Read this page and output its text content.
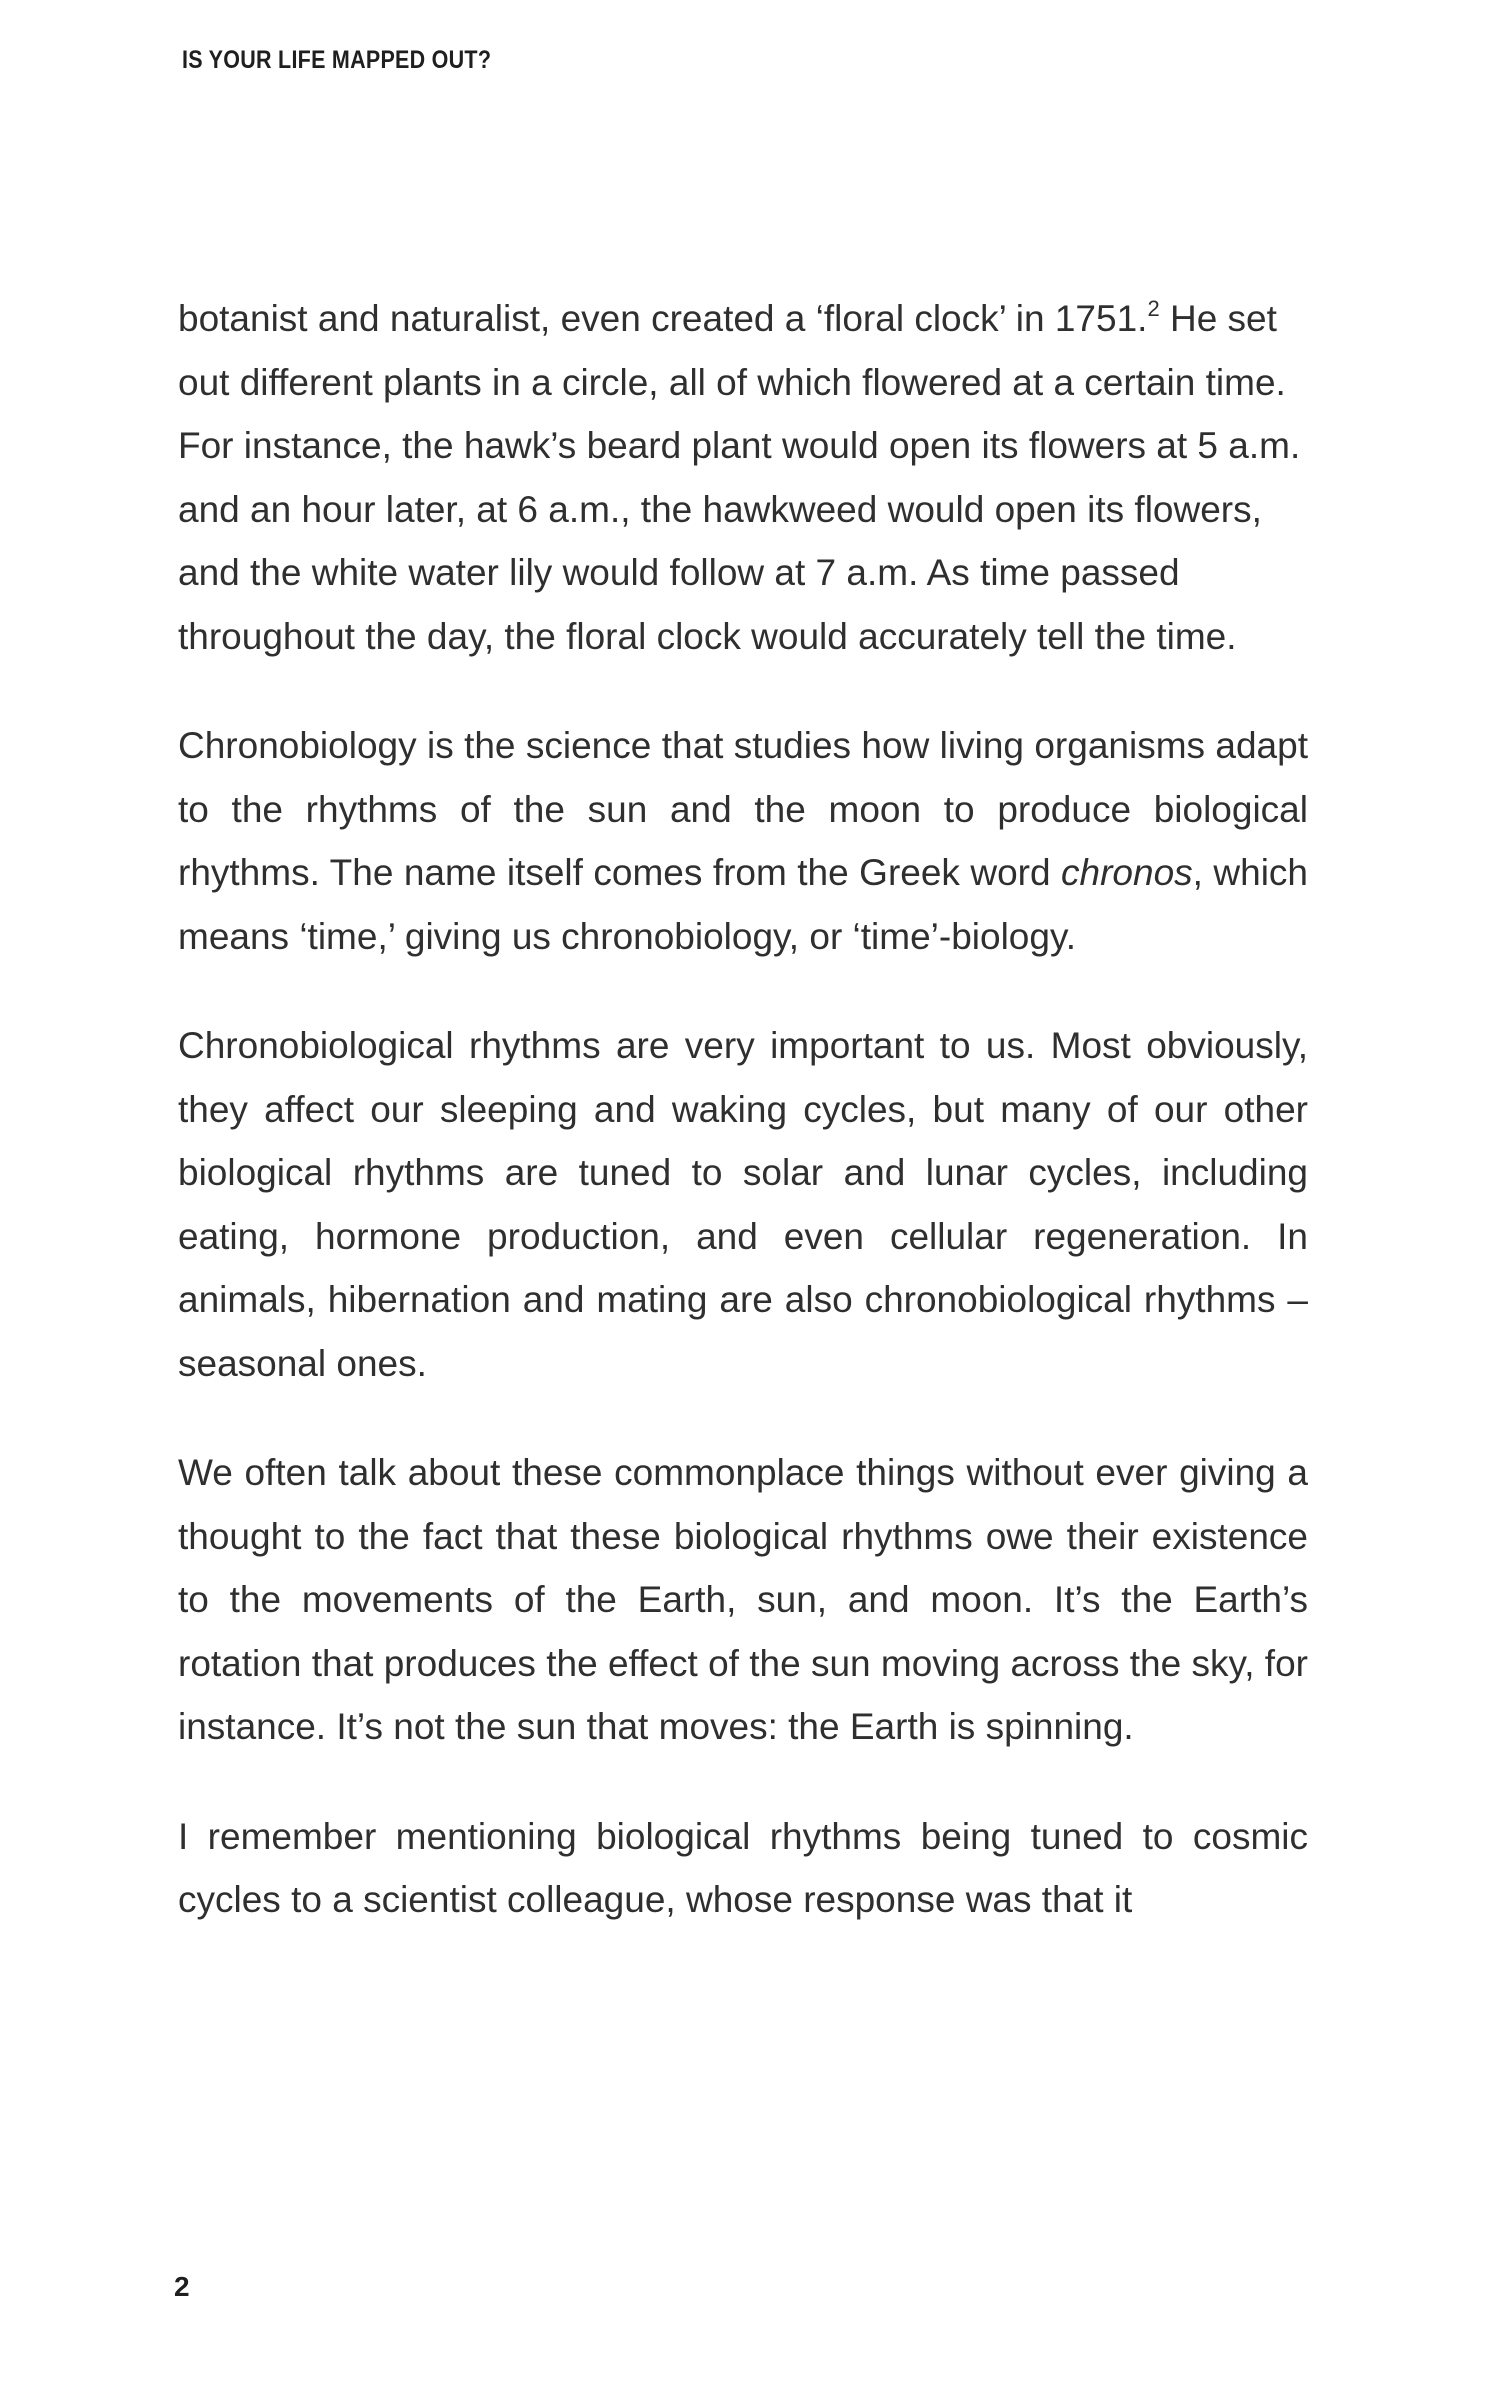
IS YOUR LIFE MAPPED OUT?

botanist and naturalist, even created a ‘floral clock’ in 1751.$^2$ He set out different plants in a circle, all of which flowered at a certain time. For instance, the hawk’s beard plant would open its flowers at 5 a.m. and an hour later, at 6 a.m., the hawkweed would open its flowers, and the white water lily would follow at 7 a.m. As time passed throughout the day, the floral clock would accurately tell the time.

Chronobiology is the science that studies how living organisms adapt to the rhythms of the sun and the moon to produce biological rhythms. The name itself comes from the Greek word chronos, which means ‘time,’ giving us chronobiology, or ‘time’-biology.

Chronobiological rhythms are very important to us. Most obviously, they affect our sleeping and waking cycles, but many of our other biological rhythms are tuned to solar and lunar cycles, including eating, hormone production, and even cellular regeneration. In animals, hibernation and mating are also chronobiological rhythms – seasonal ones.

We often talk about these commonplace things without ever giving a thought to the fact that these biological rhythms owe their existence to the movements of the Earth, sun, and moon. It’s the Earth’s rotation that produces the effect of the sun moving across the sky, for instance. It’s not the sun that moves: the Earth is spinning.

I remember mentioning biological rhythms being tuned to cosmic cycles to a scientist colleague, whose response was that it

2
